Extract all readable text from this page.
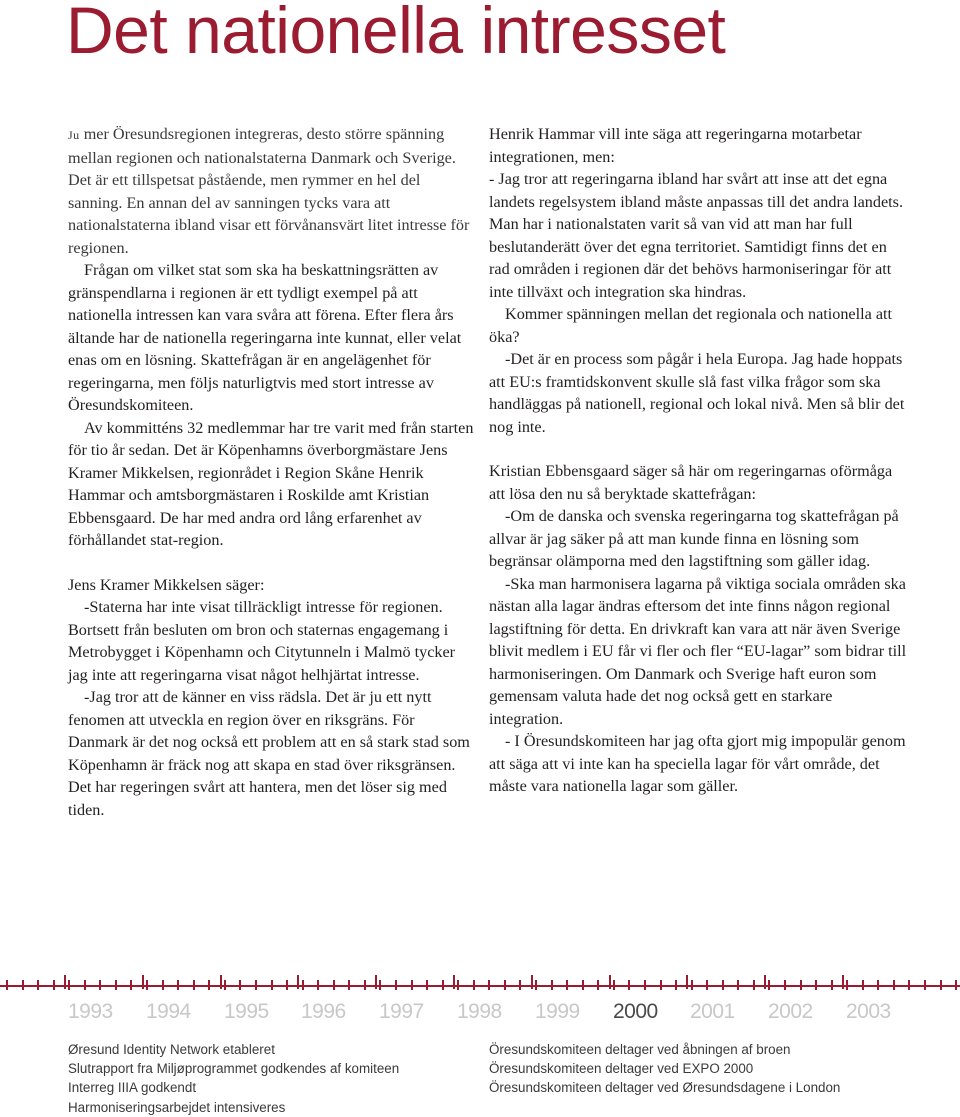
Det nationella intresset

Ju mer Öresundsregionen integreras, desto större spänning mellan regionen och nationalstaterna Danmark och Sverige. Det är ett tillspetsat påstående, men rymmer en hel del sanning. En annan del av sanningen tycks vara att nationalstaterna ibland visar ett förvånansvärt litet intresse för regionen.

Frågan om vilket stat som ska ha beskattningsrätten av gränspendlarna i regionen är ett tydligt exempel på att nationella intressen kan vara svåra att förena. Efter flera års ältande har de nationella regeringarna inte kunnat, eller velat enas om en lösning. Skattefrågan är en angelägenhet för regeringarna, men följs naturligtvis med stort intresse av Öresundskomiteen.

Av kommitténs 32 medlemmar har tre varit med från starten för tio år sedan. Det är Köpenhamns överborgmästare Jens Kramer Mikkelsen, regionrådet i Region Skåne Henrik Hammar och amtsborgmästaren i Roskilde amt Kristian Ebbensgaard. De har med andra ord lång erfarenhet av förhållandet stat-region.

Jens Kramer Mikkelsen säger:

-Staterna har inte visat tillräckligt intresse för regionen. Bortsett från besluten om bron och staternas engagemang i Metrobygget i Köpenhamn och Citytunneln i Malmö tycker jag inte att regeringarna visat något helhjärtat intresse.

-Jag tror att de känner en viss rädsla. Det är ju ett nytt fenomen att utveckla en region över en riksgräns. För Danmark är det nog också ett problem att en så stark stad som Köpenhamn är fräck nog att skapa en stad över riksgränsen. Det har regeringen svårt att hantera, men det löser sig med tiden.

Henrik Hammar vill inte säga att regeringarna motarbetar integrationen, men:

- Jag tror att regeringarna ibland har svårt att inse att det egna landets regelsystem ibland måste anpassas till det andra landets. Man har i nationalstaten varit så van vid att man har full beslutanderätt över det egna territoriet. Samtidigt finns det en rad områden i regionen där det behövs harmoniseringar för att inte tillväxt och integration ska hindras.

Kommer spänningen mellan det regionala och nationella att öka?

-Det är en process som pågår i hela Europa. Jag hade hoppats att EU:s framtidskonvent skulle slå fast vilka frågor som ska handläggas på nationell, regional och lokal nivå. Men så blir det nog inte.

Kristian Ebbensgaard säger så här om regeringarnas oförmåga att lösa den nu så beryktade skattefrågan:

-Om de danska och svenska regeringarna tog skattefrågan på allvar är jag säker på att man kunde finna en lösning som begränsar olämporna med den lagstiftning som gäller idag.

-Ska man harmonisera lagarna på viktiga sociala områden ska nästan alla lagar ändras eftersom det inte finns någon regional lagstiftning för detta. En drivkraft kan vara att när även Sverige blivit medlem i EU får vi fler och fler “EU-lagar” som bidrar till harmoniseringen. Om Danmark och Sverige haft euron som gemensam valuta hade det nog också gett en starkare integration.

- I Öresundskomiteen har jag ofta gjort mig impopulär genom att säga att vi inte kan ha speciella lagar för vårt område, det måste vara nationella lagar som gäller.

1993 1994 1995 1996 1997 1998 1999 2000 2001 2002 2003
Øresund Identity Network etableret
Slutrapport fra Miljøprogrammet godkendes af komiteen
Interreg IIIA godkendt
Harmoniseringsarbejdet intensiveres
Öresundskomiteen deltager ved åbningen af broen
Öresundskomiteen deltager ved EXPO 2000
Öresundskomiteen deltager ved Øresundsdagene i London
